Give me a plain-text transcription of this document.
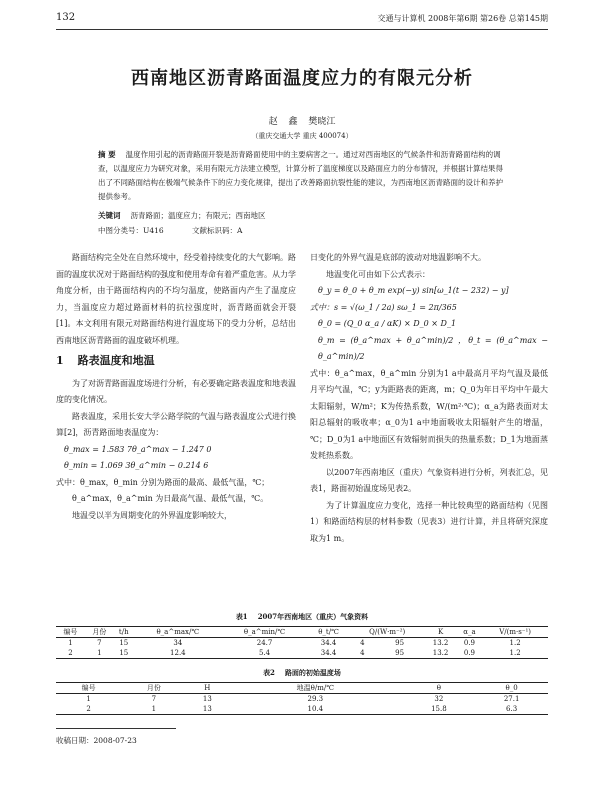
132	交通与计算机 2008年第6期 第26卷 总第145期
西南地区沥青路面温度应力的有限元分析
赵 鑫 樊晓江
（重庆交通大学 重庆 400074）
摘 要 温度作用引起的沥青路面开裂是沥青路面使用中的主要病害之一。通过对西南地区的气候条件和沥青路面结构的调查，以温度应力为研究对象，采用有限元方法建立模型，计算分析了温度梯度以及路面应力的分布情况，并根据计算结果得出了不同路面结构在极端气候条件下的应力变化规律，提出了改善路面抗裂性能的建议，为西南地区沥青路面的设计和养护提供参考。
关键词 沥青路面；温度应力；有限元；西南地区
中图分类号：U416	文献标识码：A

路面结构完全处在自然环境中，经受着持续变化的大气影响。路面的温度状况对于路面结构的强度和使用寿命有着严重危害。从力学角度分析，由于路面结构内的不均匀温度，使路面内产生了温度应力，当温度应力超过路面材料的抗拉强度时，沥青路面就会开裂[1]。本文利用有限元对路面结构进行温度场下的受力分析，总结出西南地区沥青路面的温度破坏机理。

1 路表温度和地温

为了对沥青路面温度场进行分析，有必要确定路表温度和地表温度的变化情况。

路表温度，采用长安大学公路学院的气温与路表温度公式进行换算[2]，沥青路面地表温度为：

θ_max = 1.583 7θ_a^max − 1.247 0

θ_min = 1.069 3θ_a^min − 0.214 6

式中：θ_max，θ_min 分别为路面的最高、最低气温，℃；

θ_a^max，θ_a^min 为日最高气温、最低气温，℃。

地温受以半为周期变化的外界温度影响较大，

日变化的外界气温是底部的波动对地温影响不大。

地温变化可由如下公式表示：

θ_y = θ_0 + θ_m exp(−y) sin[ω_1(t − 232) − y]

式中：s = √(ω_1 / 2a) sω_1 = 2π/365

θ_0 = (Q_0 α_a / αK) × D_0 × D_1

θ_m = (θ_a^max + θ_a^min)/2 ，θ_t = (θ_a^max − θ_a^min)/2

式中：θ_a^max，θ_a^min 分别为1 a中最高月平均气温及最低月平均气温，℃；y为距路表的距离，m；Q_0为年日平均中午最大太阳辐射，W/m²；K为传热系数，W/(m²·℃)；α_a为路表面对太阳总辐射的吸收率；α_0为1 a中地面吸收太阳辐射产生的增温，℃；D_0为1 a中地面区有效辐射而损失的热量系数；D_1为地面蒸发耗热系数。

以2007年西南地区（重庆）气象资料进行分析，列表汇总，见表1，路面初始温度场见表2。

为了计算温度应力变化，选择一种比较典型的路面结构（见图1）和路面结构层的材料参数（见表3）进行计算，并且将研究深度取为1 m。

表1 2007年西南地区（重庆）气象资料
编号	月份	t/h	θ_a^max/℃	θ_a^min/℃	θ_t/℃	Q/(W·m⁻²)		K	α_a	V/(m·s⁻¹)
1	7	15	34	24.7	34.4	4	95	13.2	0.9	1.2
2	1	15	12.4	5.4	34.4	4	95	13.2	0.9	1.2
表2 路面的初始温度场
编号	月份	H	地温θ/m/℃	θ	θ_0
1	7	13	29.3	32	27.1
2	1	13	10.4	15.8	6.3
收稿日期：2008-07-23
